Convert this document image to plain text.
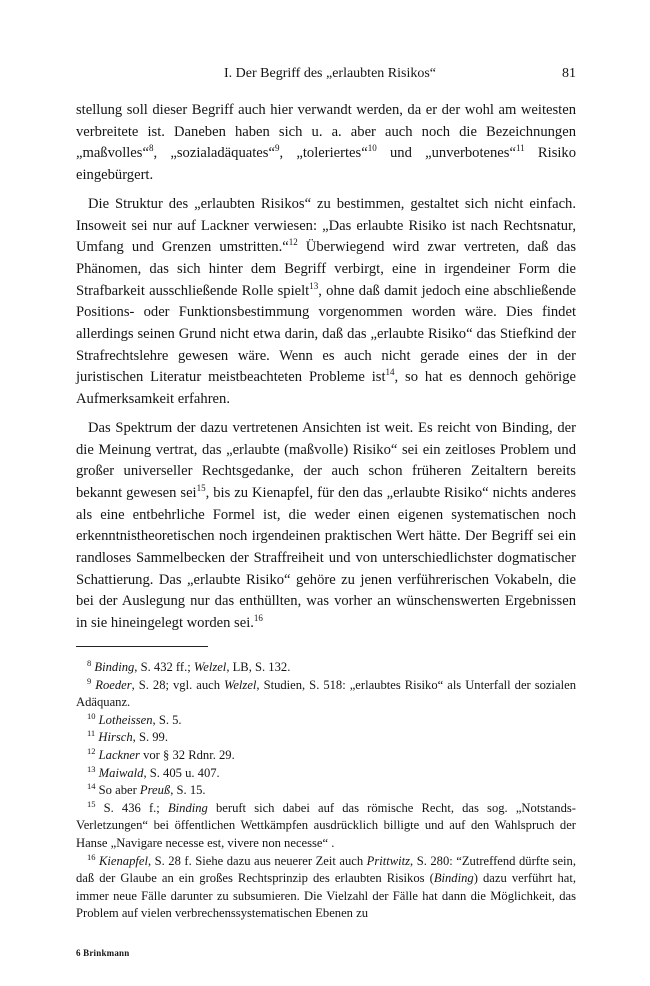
I. Der Begriff des „erlaubten Risikos“	81

stellung soll dieser Begriff auch hier verwandt werden, da er der wohl am weitesten verbreitete ist. Daneben haben sich u. a. aber auch noch die Bezeichnungen „maßvolles“$^8$, „sozialadäquates“$^9$, „toleriertes“$^{10}$ und „unverbotenes“$^{11}$ Risiko eingebürgert.

Die Struktur des „erlaubten Risikos“ zu bestimmen, gestaltet sich nicht einfach. Insoweit sei nur auf Lackner verwiesen: „Das erlaubte Risiko ist nach Rechtsnatur, Umfang und Grenzen umstritten.“$^{12}$ Überwiegend wird zwar vertreten, daß das Phänomen, das sich hinter dem Begriff verbirgt, eine in irgendeiner Form die Strafbarkeit ausschließende Rolle spielt$^{13}$, ohne daß damit jedoch eine abschließende Positions- oder Funktionsbestimmung vorgenommen worden wäre. Dies findet allerdings seinen Grund nicht etwa darin, daß das „erlaubte Risiko“ das Stiefkind der Strafrechtslehre gewesen wäre. Wenn es auch nicht gerade eines der in der juristischen Literatur meistbeachteten Probleme ist$^{14}$, so hat es dennoch gehörige Aufmerksamkeit erfahren.

Das Spektrum der dazu vertretenen Ansichten ist weit. Es reicht von Binding, der die Meinung vertrat, das „erlaubte (maßvolle) Risiko“ sei ein zeitloses Problem und großer universeller Rechtsgedanke, der auch schon früheren Zeitaltern bereits bekannt gewesen sei$^{15}$, bis zu Kienapfel, für den das „erlaubte Risiko“ nichts anderes als eine entbehrliche Formel ist, die weder einen eigenen systematischen noch erkenntnistheoretischen noch irgendeinen praktischen Wert hätte. Der Begriff sei ein randloses Sammelbecken der Straffreiheit und von unterschiedlichster dogmatischer Schattierung. Das „erlaubte Risiko“ gehöre zu jenen verführerischen Vokabeln, die bei der Auslegung nur das enthüllten, was vorher an wünschenswerten Ergebnissen in sie hineingelegt worden sei.$^{16}$

$^8$ Binding, S. 432 ff.; Welzel, LB, S. 132.

$^9$ Roeder, S. 28; vgl. auch Welzel, Studien, S. 518: „erlaubtes Risiko“ als Unterfall der sozialen Adäquanz.

$^{10}$ Lotheissen, S. 5.

$^{11}$ Hirsch, S. 99.

$^{12}$ Lackner vor § 32 Rdnr. 29.

$^{13}$ Maiwald, S. 405 u. 407.

$^{14}$ So aber Preuß, S. 15.

$^{15}$ S. 436 f.; Binding beruft sich dabei auf das römische Recht, das sog. „Notstands-Verletzungen“ bei öffentlichen Wettkämpfen ausdrücklich billigte und auf den Wahlspruch der Hanse „Navigare necesse est, vivere non necesse“ .

$^{16}$ Kienapfel, S. 28 f. Siehe dazu aus neuerer Zeit auch Prittwitz, S. 280: “Zutreffend dürfte sein, daß der Glaube an ein großes Rechtsprinzip des erlaubten Risikos (Binding) dazu verführt hat, immer neue Fälle darunter zu subsumieren. Die Vielzahl der Fälle hat dann die Möglichkeit, das Problem auf vielen verbrechenssystematischen Ebenen zu

6 Brinkmann
